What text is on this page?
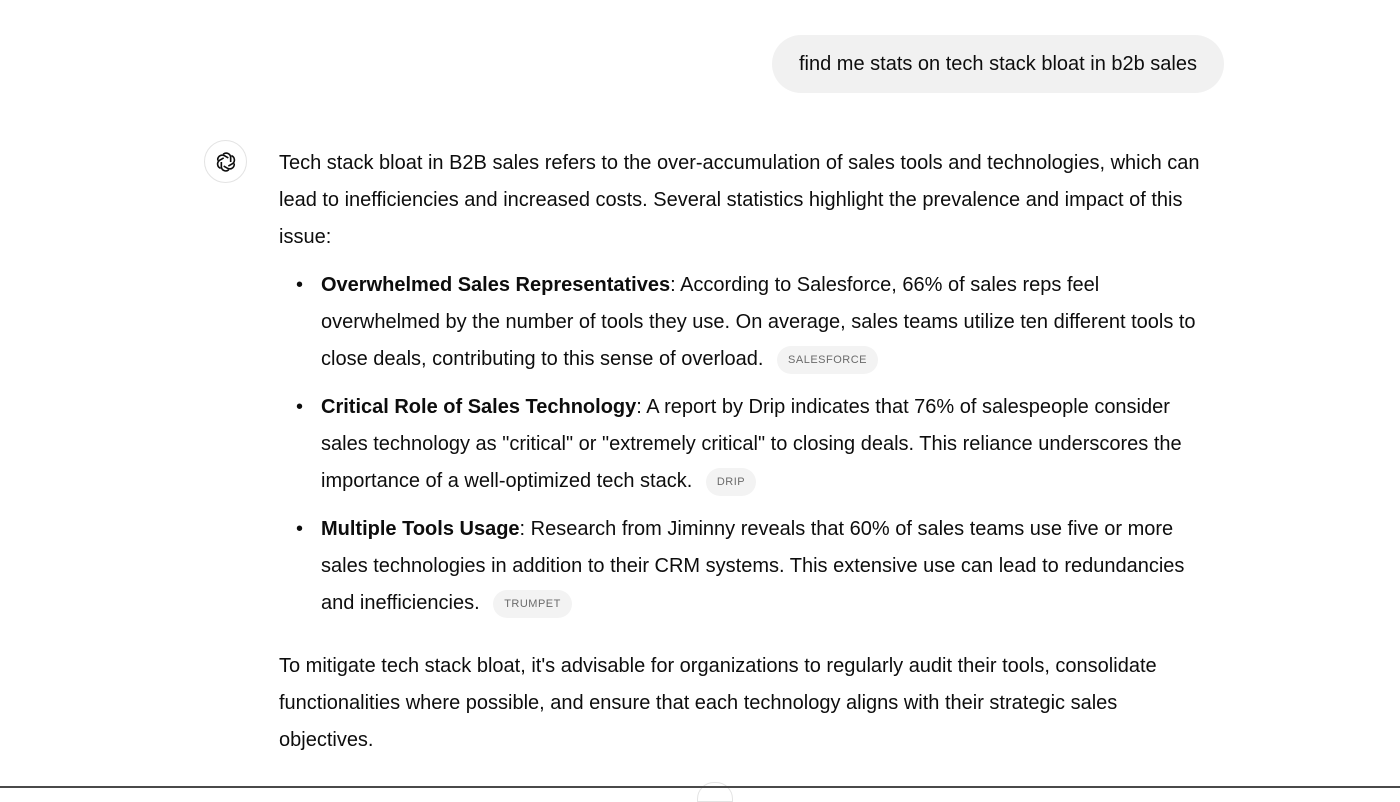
find me stats on tech stack bloat in b2b sales

Tech stack bloat in B2B sales refers to the over-accumulation of sales tools and technologies, which can lead to inefficiencies and increased costs. Several statistics highlight the prevalence and impact of this issue:

• Overwhelmed Sales Representatives: According to Salesforce, 66% of sales reps feel overwhelmed by the number of tools they use. On average, sales teams utilize ten different tools to close deals, contributing to this sense of overload. SALESFORCE
• Critical Role of Sales Technology: A report by Drip indicates that 76% of salespeople consider sales technology as "critical" or "extremely critical" to closing deals. This reliance underscores the importance of a well-optimized tech stack. DRIP
• Multiple Tools Usage: Research from Jiminny reveals that 60% of sales teams use five or more sales technologies in addition to their CRM systems. This extensive use can lead to redundancies and inefficiencies. TRUMPET

To mitigate tech stack bloat, it's advisable for organizations to regularly audit their tools, consolidate functionalities where possible, and ensure that each technology aligns with their strategic sales objectives.
